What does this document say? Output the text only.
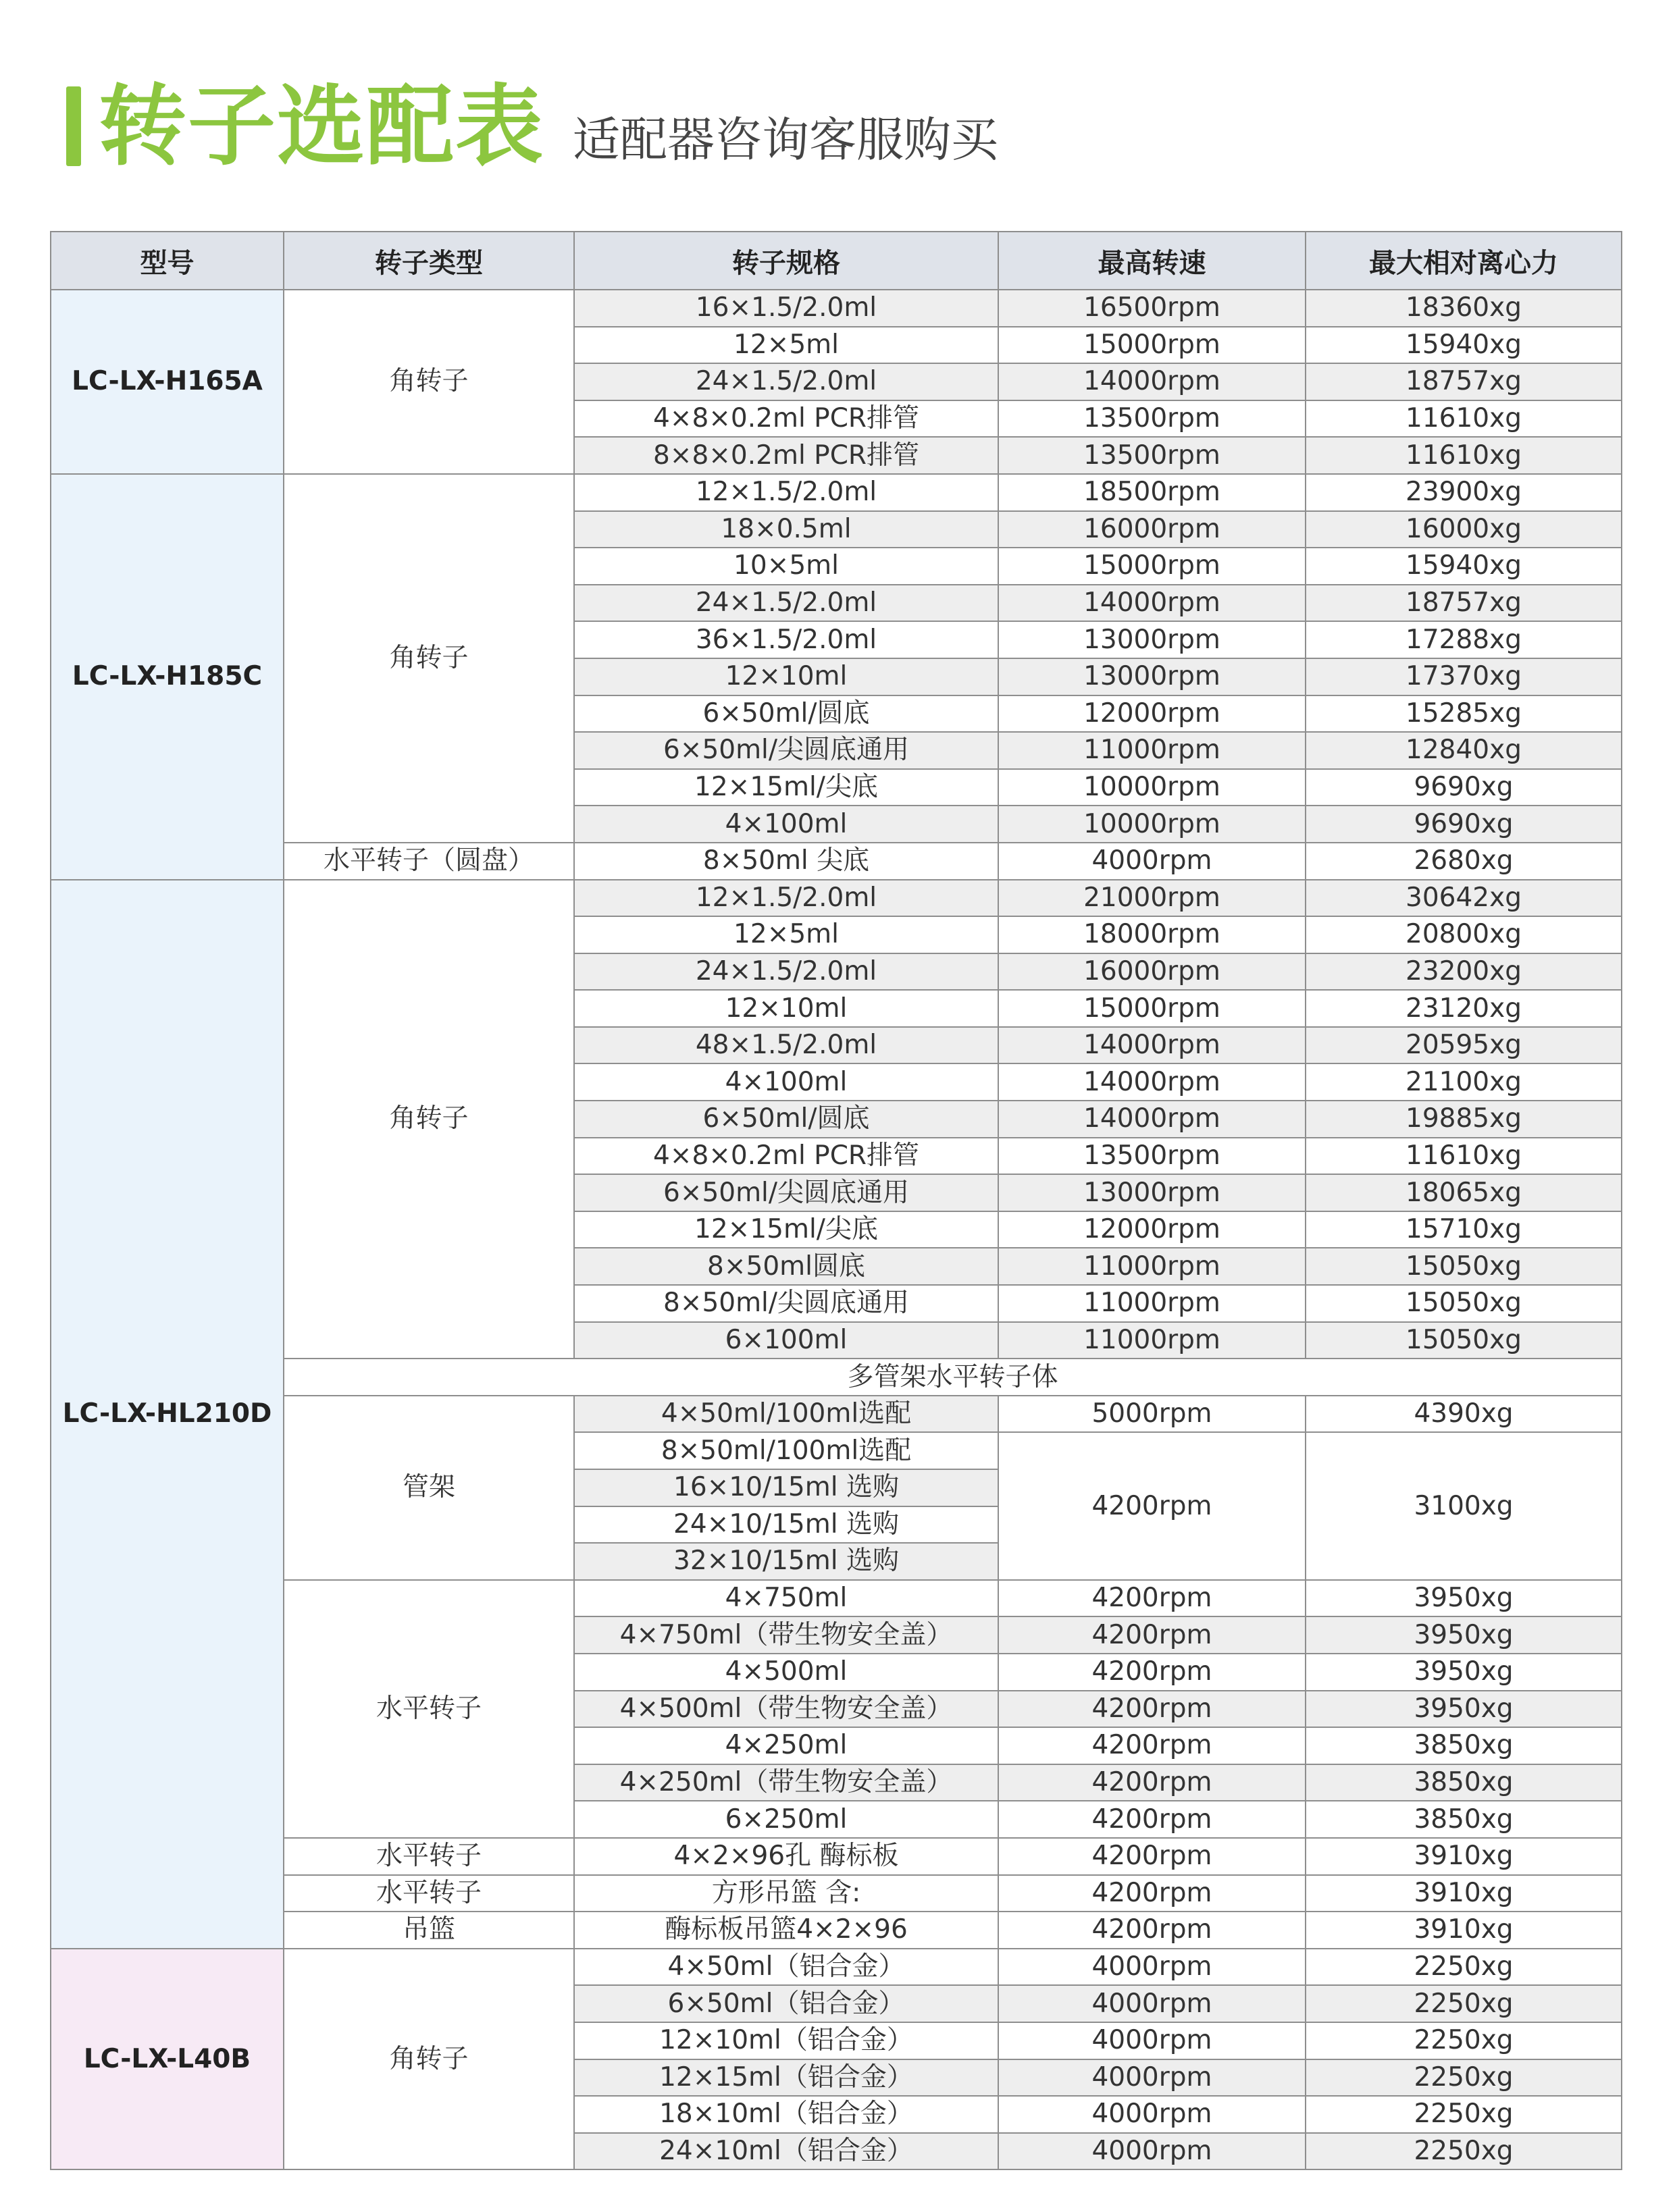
转子选配表 适配器咨询客服购买
型号	转子类型	转子规格	最高转速	最大相对离心力
LC-LX-H165A	角转子	16×1.5/2.0ml	16500rpm	18360xg
		12×5ml	15000rpm	15940xg
		24×1.5/2.0ml	14000rpm	18757xg
		4×8×0.2ml PCR排管	13500rpm	11610xg
		8×8×0.2ml PCR排管	13500rpm	11610xg
LC-LX-H185C	角转子	12×1.5/2.0ml	18500rpm	23900xg
		18×0.5ml	16000rpm	16000xg
		10×5ml	15000rpm	15940xg
		24×1.5/2.0ml	14000rpm	18757xg
		36×1.5/2.0ml	13000rpm	17288xg
		12×10ml	13000rpm	17370xg
		6×50ml/圆底	12000rpm	15285xg
		6×50ml/尖圆底通用	11000rpm	12840xg
		12×15ml/尖底	10000rpm	9690xg
		4×100ml	10000rpm	9690xg
	水平转子（圆盘）	8×50ml 尖底	4000rpm	2680xg
LC-LX-HL210D	角转子	12×1.5/2.0ml	21000rpm	30642xg
		12×5ml	18000rpm	20800xg
		24×1.5/2.0ml	16000rpm	23200xg
		12×10ml	15000rpm	23120xg
		48×1.5/2.0ml	14000rpm	20595xg
		4×100ml	14000rpm	21100xg
		6×50ml/圆底	14000rpm	19885xg
		4×8×0.2ml PCR排管	13500rpm	11610xg
		6×50ml/尖圆底通用	13000rpm	18065xg
		12×15ml/尖底	12000rpm	15710xg
		8×50ml圆底	11000rpm	15050xg
		8×50ml/尖圆底通用	11000rpm	15050xg
		6×100ml	11000rpm	15050xg
	多管架水平转子体			
	管架	4×50ml/100ml选配	5000rpm	4390xg
		8×50ml/100ml选配	4200rpm	3100xg
		16×10/15ml 选购		
		24×10/15ml 选购		
		32×10/15ml 选购		
	水平转子	4×750ml	4200rpm	3950xg
		4×750ml（带生物安全盖）	4200rpm	3950xg
		4×500ml	4200rpm	3950xg
		4×500ml（带生物安全盖）	4200rpm	3950xg
		4×250ml	4200rpm	3850xg
		4×250ml（带生物安全盖）	4200rpm	3850xg
		6×250ml	4200rpm	3850xg
	水平转子	4×2×96孔 酶标板	4200rpm	3910xg
	水平转子	方形吊篮 含:	4200rpm	3910xg
	吊篮	酶标板吊篮4×2×96	4200rpm	3910xg
LC-LX-L40B	角转子	4×50ml（铝合金）	4000rpm	2250xg
		6×50ml（铝合金）	4000rpm	2250xg
		12×10ml（铝合金）	4000rpm	2250xg
		12×15ml（铝合金）	4000rpm	2250xg
		18×10ml（铝合金）	4000rpm	2250xg
		24×10ml（铝合金）	4000rpm	2250xg
